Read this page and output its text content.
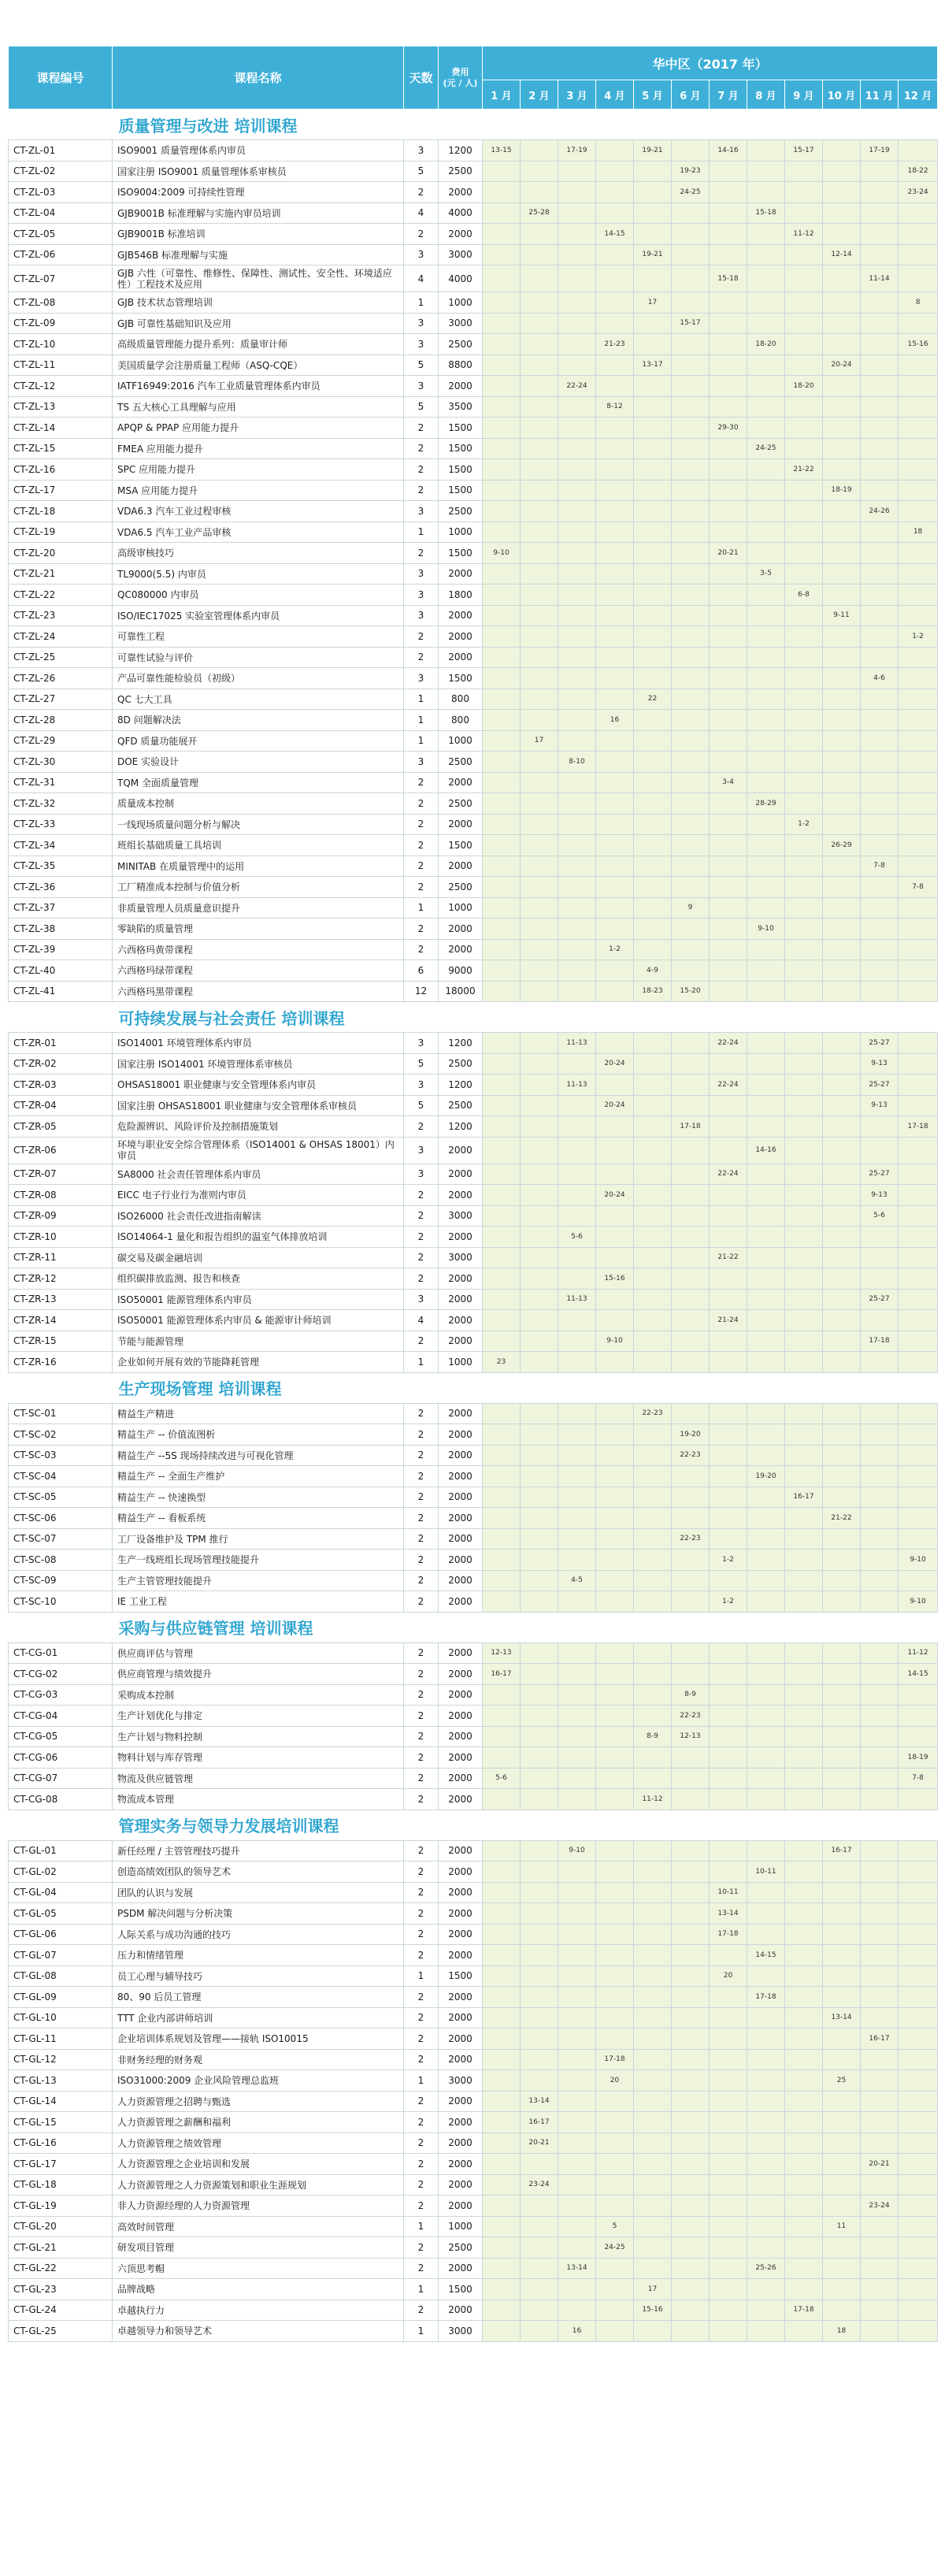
课程编号	课程名称	天数	费用
(元 / 人)	华中区（2017 年）											
				1 月	2 月	3 月	4 月	5 月	6 月	7 月	8 月	9 月	10 月	11 月	12 月
质量管理与改进 培训课程															
CT-ZL-01	ISO9001 质量管理体系内审员	3	1200	13-15		17-19		19-21		14-16		15-17		17-19	
CT-ZL-02	国家注册 ISO9001 质量管理体系审核员	5	2500						19-23						18-22
CT-ZL-03	ISO9004:2009 可持续性管理	2	2000						24-25						23-24
CT-ZL-04	GJB9001B 标准理解与实施内审员培训	4	4000		25-28						15-18				
CT-ZL-05	GJB9001B 标准培训	2	2000				14-15					11-12			
CT-ZL-06	GJB546B 标准理解与实施	3	3000					19-21					12-14		
CT-ZL-07	GJB 六性（可靠性、维修性、保障性、测试性、安全性、环境适应性）工程技术及应用	4	4000							15-18				11-14	
CT-ZL-08	GJB 技术状态管理培训	1	1000					17							8
CT-ZL-09	GJB 可靠性基础知识及应用	3	3000						15-17						
CT-ZL-10	高级质量管理能力提升系列：质量审计师	3	2500				21-23				18-20				15-16
CT-ZL-11	美国质量学会注册质量工程师（ASQ-CQE）	5	8800					13-17					20-24		
CT-ZL-12	IATF16949:2016 汽车工业质量管理体系内审员	3	2000			22-24						18-20			
CT-ZL-13	TS 五大核心工具理解与应用	5	3500				8-12								
CT-ZL-14	APQP & PPAP 应用能力提升	2	1500							29-30					
CT-ZL-15	FMEA 应用能力提升	2	1500								24-25				
CT-ZL-16	SPC 应用能力提升	2	1500									21-22			
CT-ZL-17	MSA 应用能力提升	2	1500										18-19		
CT-ZL-18	VDA6.3 汽车工业过程审核	3	2500											24-26	
CT-ZL-19	VDA6.5 汽车工业产品审核	1	1000												18
CT-ZL-20	高级审核技巧	2	1500	9-10						20-21					
CT-ZL-21	TL9000(5.5) 内审员	3	2000								3-5				
CT-ZL-22	QC080000 内审员	3	1800									6-8			
CT-ZL-23	ISO/IEC17025 实验室管理体系内审员	3	2000										9-11		
CT-ZL-24	可靠性工程	2	2000												1-2
CT-ZL-25	可靠性试验与评价	2	2000												
CT-ZL-26	产品可靠性能检验员（初级）	3	1500											4-6	
CT-ZL-27	QC 七大工具	1	800					22							
CT-ZL-28	8D 问题解决法	1	800				16								
CT-ZL-29	QFD 质量功能展开	1	1000		17										
CT-ZL-30	DOE 实验设计	3	2500			8-10									
CT-ZL-31	TQM 全面质量管理	2	2000							3-4					
CT-ZL-32	质量成本控制	2	2500								28-29				
CT-ZL-33	一线现场质量问题分析与解决	2	2000									1-2			
CT-ZL-34	班组长基础质量工具培训	2	1500										26-29		
CT-ZL-35	MINITAB 在质量管理中的运用	2	2000											7-8	
CT-ZL-36	工厂精准成本控制与价值分析	2	2500												7-8
CT-ZL-37	非质量管理人员质量意识提升	1	1000						9						
CT-ZL-38	零缺陷的质量管理	2	2000								9-10				
CT-ZL-39	六西格玛黄带课程	2	2000				1-2								
CT-ZL-40	六西格玛绿带课程	6	9000					4-9							
CT-ZL-41	六西格玛黑带课程	12	18000					18-23	15-20						
可持续发展与社会责任 培训课程															
CT-ZR-01	ISO14001 环境管理体系内审员	3	1200			11-13				22-24				25-27	
CT-ZR-02	国家注册 ISO14001 环境管理体系审核员	5	2500				20-24							9-13	
CT-ZR-03	OHSAS18001 职业健康与安全管理体系内审员	3	1200			11-13				22-24				25-27	
CT-ZR-04	国家注册 OHSAS18001 职业健康与安全管理体系审核员	5	2500				20-24							9-13	
CT-ZR-05	危险源辨识、风险评价及控制措施策划	2	1200						17-18						17-18
CT-ZR-06	环境与职业安全综合管理体系（ISO14001 & OHSAS 18001）内审员	3	2000								14-16				
CT-ZR-07	SA8000 社会责任管理体系内审员	3	2000							22-24				25-27	
CT-ZR-08	EICC 电子行业行为准则内审员	2	2000				20-24							9-13	
CT-ZR-09	ISO26000 社会责任改进指南解读	2	3000											5-6	
CT-ZR-10	ISO14064-1 量化和报告组织的温室气体排放培训	2	2000			5-6									
CT-ZR-11	碳交易及碳金融培训	2	3000							21-22					
CT-ZR-12	组织碳排放监测、报告和核查	2	2000				15-16								
CT-ZR-13	ISO50001 能源管理体系内审员	3	2000			11-13								25-27	
CT-ZR-14	ISO50001 能源管理体系内审员 & 能源审计师培训	4	2000							21-24					
CT-ZR-15	节能与能源管理	2	2000				9-10							17-18	
CT-ZR-16	企业如何开展有效的节能降耗管理	1	1000	23											
生产现场管理 培训课程															
CT-SC-01	精益生产精进	2	2000					22-23							
CT-SC-02	精益生产 -- 价值流图析	2	2000						19-20						
CT-SC-03	精益生产 --5S 现场持续改进与可视化管理	2	2000						22-23						
CT-SC-04	精益生产 -- 全面生产维护	2	2000								19-20				
CT-SC-05	精益生产 -- 快速换型	2	2000									16-17			
CT-SC-06	精益生产 -- 看板系统	2	2000										21-22		
CT-SC-07	工厂设备维护及 TPM 推行	2	2000						22-23						
CT-SC-08	生产一线班组长现场管理技能提升	2	2000							1-2					9-10
CT-SC-09	生产主管管理技能提升	2	2000			4-5									
CT-SC-10	IE 工业工程	2	2000							1-2					9-10
采购与供应链管理 培训课程															
CT-CG-01	供应商评估与管理	2	2000	12-13											11-12
CT-CG-02	供应商管理与绩效提升	2	2000	16-17											14-15
CT-CG-03	采购成本控制	2	2000						8-9						
CT-CG-04	生产计划优化与排定	2	2000						22-23						
CT-CG-05	生产计划与物料控制	2	2000					8-9	12-13						
CT-CG-06	物料计划与库存管理	2	2000												18-19
CT-CG-07	物流及供应链管理	2	2000	5-6											7-8
CT-CG-08	物流成本管理	2	2000					11-12							
管理实务与领导力发展培训课程															
CT-GL-01	新任经理 / 主管管理技巧提升	2	2000			9-10							16-17		
CT-GL-02	创造高绩效团队的领导艺术	2	2000								10-11				
CT-GL-04	团队的认识与发展	2	2000							10-11					
CT-GL-05	PSDM 解决问题与分析决策	2	2000							13-14					
CT-GL-06	人际关系与成功沟通的技巧	2	2000							17-18					
CT-GL-07	压力和情绪管理	2	2000								14-15				
CT-GL-08	员工心理与辅导技巧	1	1500							20					
CT-GL-09	80、90 后员工管理	2	2000								17-18				
CT-GL-10	TTT 企业内部讲师培训	2	2000										13-14		
CT-GL-11	企业培训体系规划及管理——接轨 ISO10015	2	2000											16-17	
CT-GL-12	非财务经理的财务观	2	2000				17-18								
CT-GL-13	ISO31000:2009 企业风险管理总监班	1	3000				20						25		
CT-GL-14	人力资源管理之招聘与甄选	2	2000		13-14										
CT-GL-15	人力资源管理之薪酬和福利	2	2000		16-17										
CT-GL-16	人力资源管理之绩效管理	2	2000		20-21										
CT-GL-17	人力资源管理之企业培训和发展	2	2000											20-21	
CT-GL-18	人力资源管理之人力资源策划和职业生涯规划	2	2000		23-24										
CT-GL-19	非人力资源经理的人力资源管理	2	2000											23-24	
CT-GL-20	高效时间管理	1	1000				5						11		
CT-GL-21	研发项目管理	2	2500				24-25								
CT-GL-22	六顶思考帽	2	2000			13-14					25-26				
CT-GL-23	品牌战略	1	1500					17							
CT-GL-24	卓越执行力	2	2000					15-16				17-18			
CT-GL-25	卓越领导力和领导艺术	1	3000			16							18		
